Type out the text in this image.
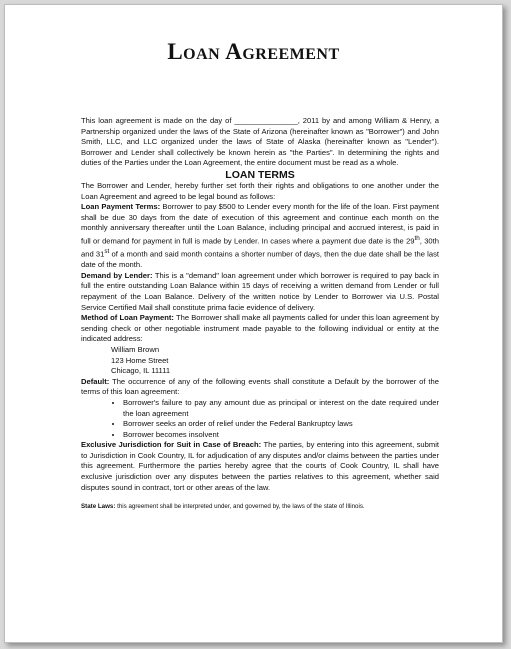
Loan Agreement

This loan agreement is made on the day of _______________, 2011 by and among William & Henry, a Partnership organized under the laws of the State of Arizona (hereinafter known as "Borrower") and John Smith, LLC, and LLC organized under the laws of State of Alaska (hereinafter known as "Lender"). Borrower and Lender shall collectively be known herein as "the Parties". In determining the rights and duties of the Parties under the Loan Agreement, the entire document must be read as a whole.

LOAN TERMS

The Borrower and Lender, hereby further set forth their rights and obligations to one another under the Loan Agreement and agreed to be legal bound as follows:

Loan Payment Terms: Borrower to pay $500 to Lender every month for the life of the loan. First payment shall be due 30 days from the date of execution of this agreement and continue each month on the monthly anniversary thereafter until the Loan Balance, including principal and accrued interest, is paid in full or demand for payment in full is made by Lender. In cases where a payment due date is the 29th, 30th and 31st of a month and said month contains a shorter number of days, then the due date shall be the last date of the month.

Demand by Lender: This is a "demand" loan agreement under which borrower is required to pay back in full the entire outstanding Loan Balance within 15 days of receiving a written demand from Lender or full repayment of the Loan Balance. Delivery of the written notice by Lender to Borrower via U.S. Postal Service Certified Mail shall constitute prima facie evidence of delivery.

Method of Loan Payment: The Borrower shall make all payments called for under this loan agreement by sending check or other negotiable instrument made payable to the following individual or entity at the indicated address:

William Brown
123 Home Street
Chicago, IL 11111

Default: The occurrence of any of the following events shall constitute a Default by the borrower of the terms of this loan agreement:

• Borrower's failure to pay any amount due as principal or interest on the date required under the loan agreement
• Borrower seeks an order of relief under the Federal Bankruptcy laws
• Borrower becomes insolvent

Exclusive Jurisdiction for Suit in Case of Breach: The parties, by entering into this agreement, submit to Jurisdiction in Cook Country, IL for adjudication of any disputes and/or claims between the parties under this agreement. Furthermore the parties hereby agree that the courts of Cook Country, IL shall have exclusive jurisdiction over any disputes between the parties relatives to this agreement, whether said disputes sound in contract, tort or other areas of the law.

State Laws: this agreement shall be interpreted under, and governed by, the laws of the state of Illinois.
